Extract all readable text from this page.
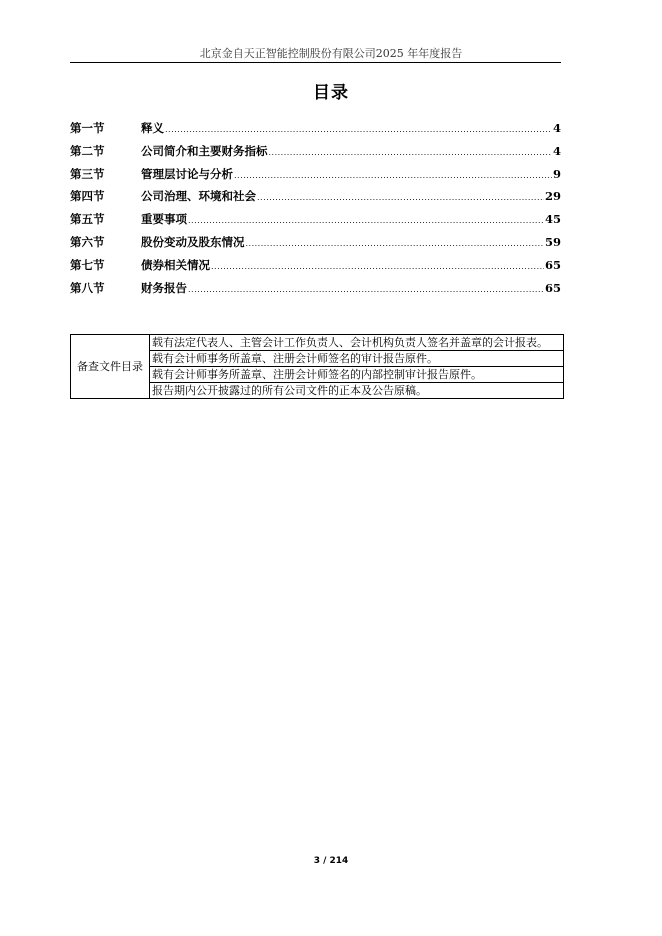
北京金自天正智能控制股份有限公司2025 年年度报告
目录
第一节	释义 .....	4
第二节	公司简介和主要财务指标 .....	4
第三节	管理层讨论与分析 .....	9
第四节	公司治理、环境和社会 .....	29
第五节	重要事项 .....	45
第六节	股份变动及股东情况 .....	59
第七节	债券相关情况 .....	65
第八节	财务报告 .....	65
备查文件目录	载有法定代表人、主管会计工作负责人、会计机构负责人签名并盖章的会计报表。
载有会计师事务所盖章、注册会计师签名的审计报告原件。
载有会计师事务所盖章、注册会计师签名的内部控制审计报告原件。
报告期内公开披露过的所有公司文件的正本及公告原稿。
3 / 214
